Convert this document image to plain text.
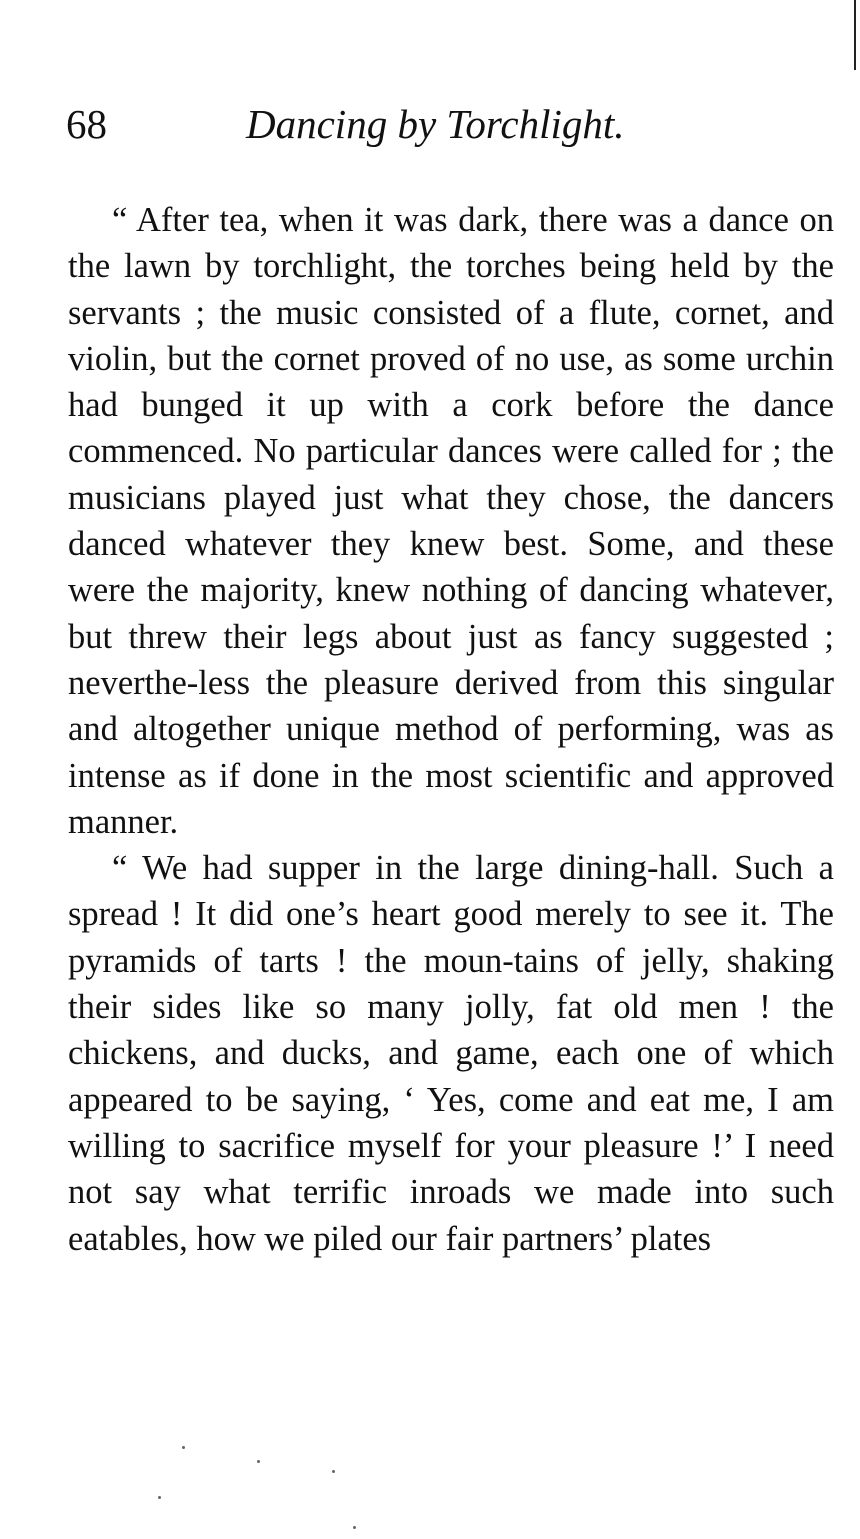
68	Dancing by Torchlight.

“ After tea, when it was dark, there was a dance on the lawn by torchlight, the torches being held by the servants ; the music consisted of a flute, cornet, and violin, but the cornet proved of no use, as some urchin had bunged it up with a cork before the dance commenced. No particular dances were called for ; the musicians played just what they chose, the dancers danced whatever they knew best. Some, and these were the majority, knew nothing of dancing whatever, but threw their legs about just as fancy suggested ; neverthe-less the pleasure derived from this singular and altogether unique method of performing, was as intense as if done in the most scientific and approved manner.

“ We had supper in the large dining-hall. Such a spread ! It did one’s heart good merely to see it. The pyramids of tarts ! the moun-tains of jelly, shaking their sides like so many jolly, fat old men ! the chickens, and ducks, and game, each one of which appeared to be saying, ‘ Yes, come and eat me, I am willing to sacrifice myself for your pleasure !’ I need not say what terrific inroads we made into such eatables, how we piled our fair partners’ plates
